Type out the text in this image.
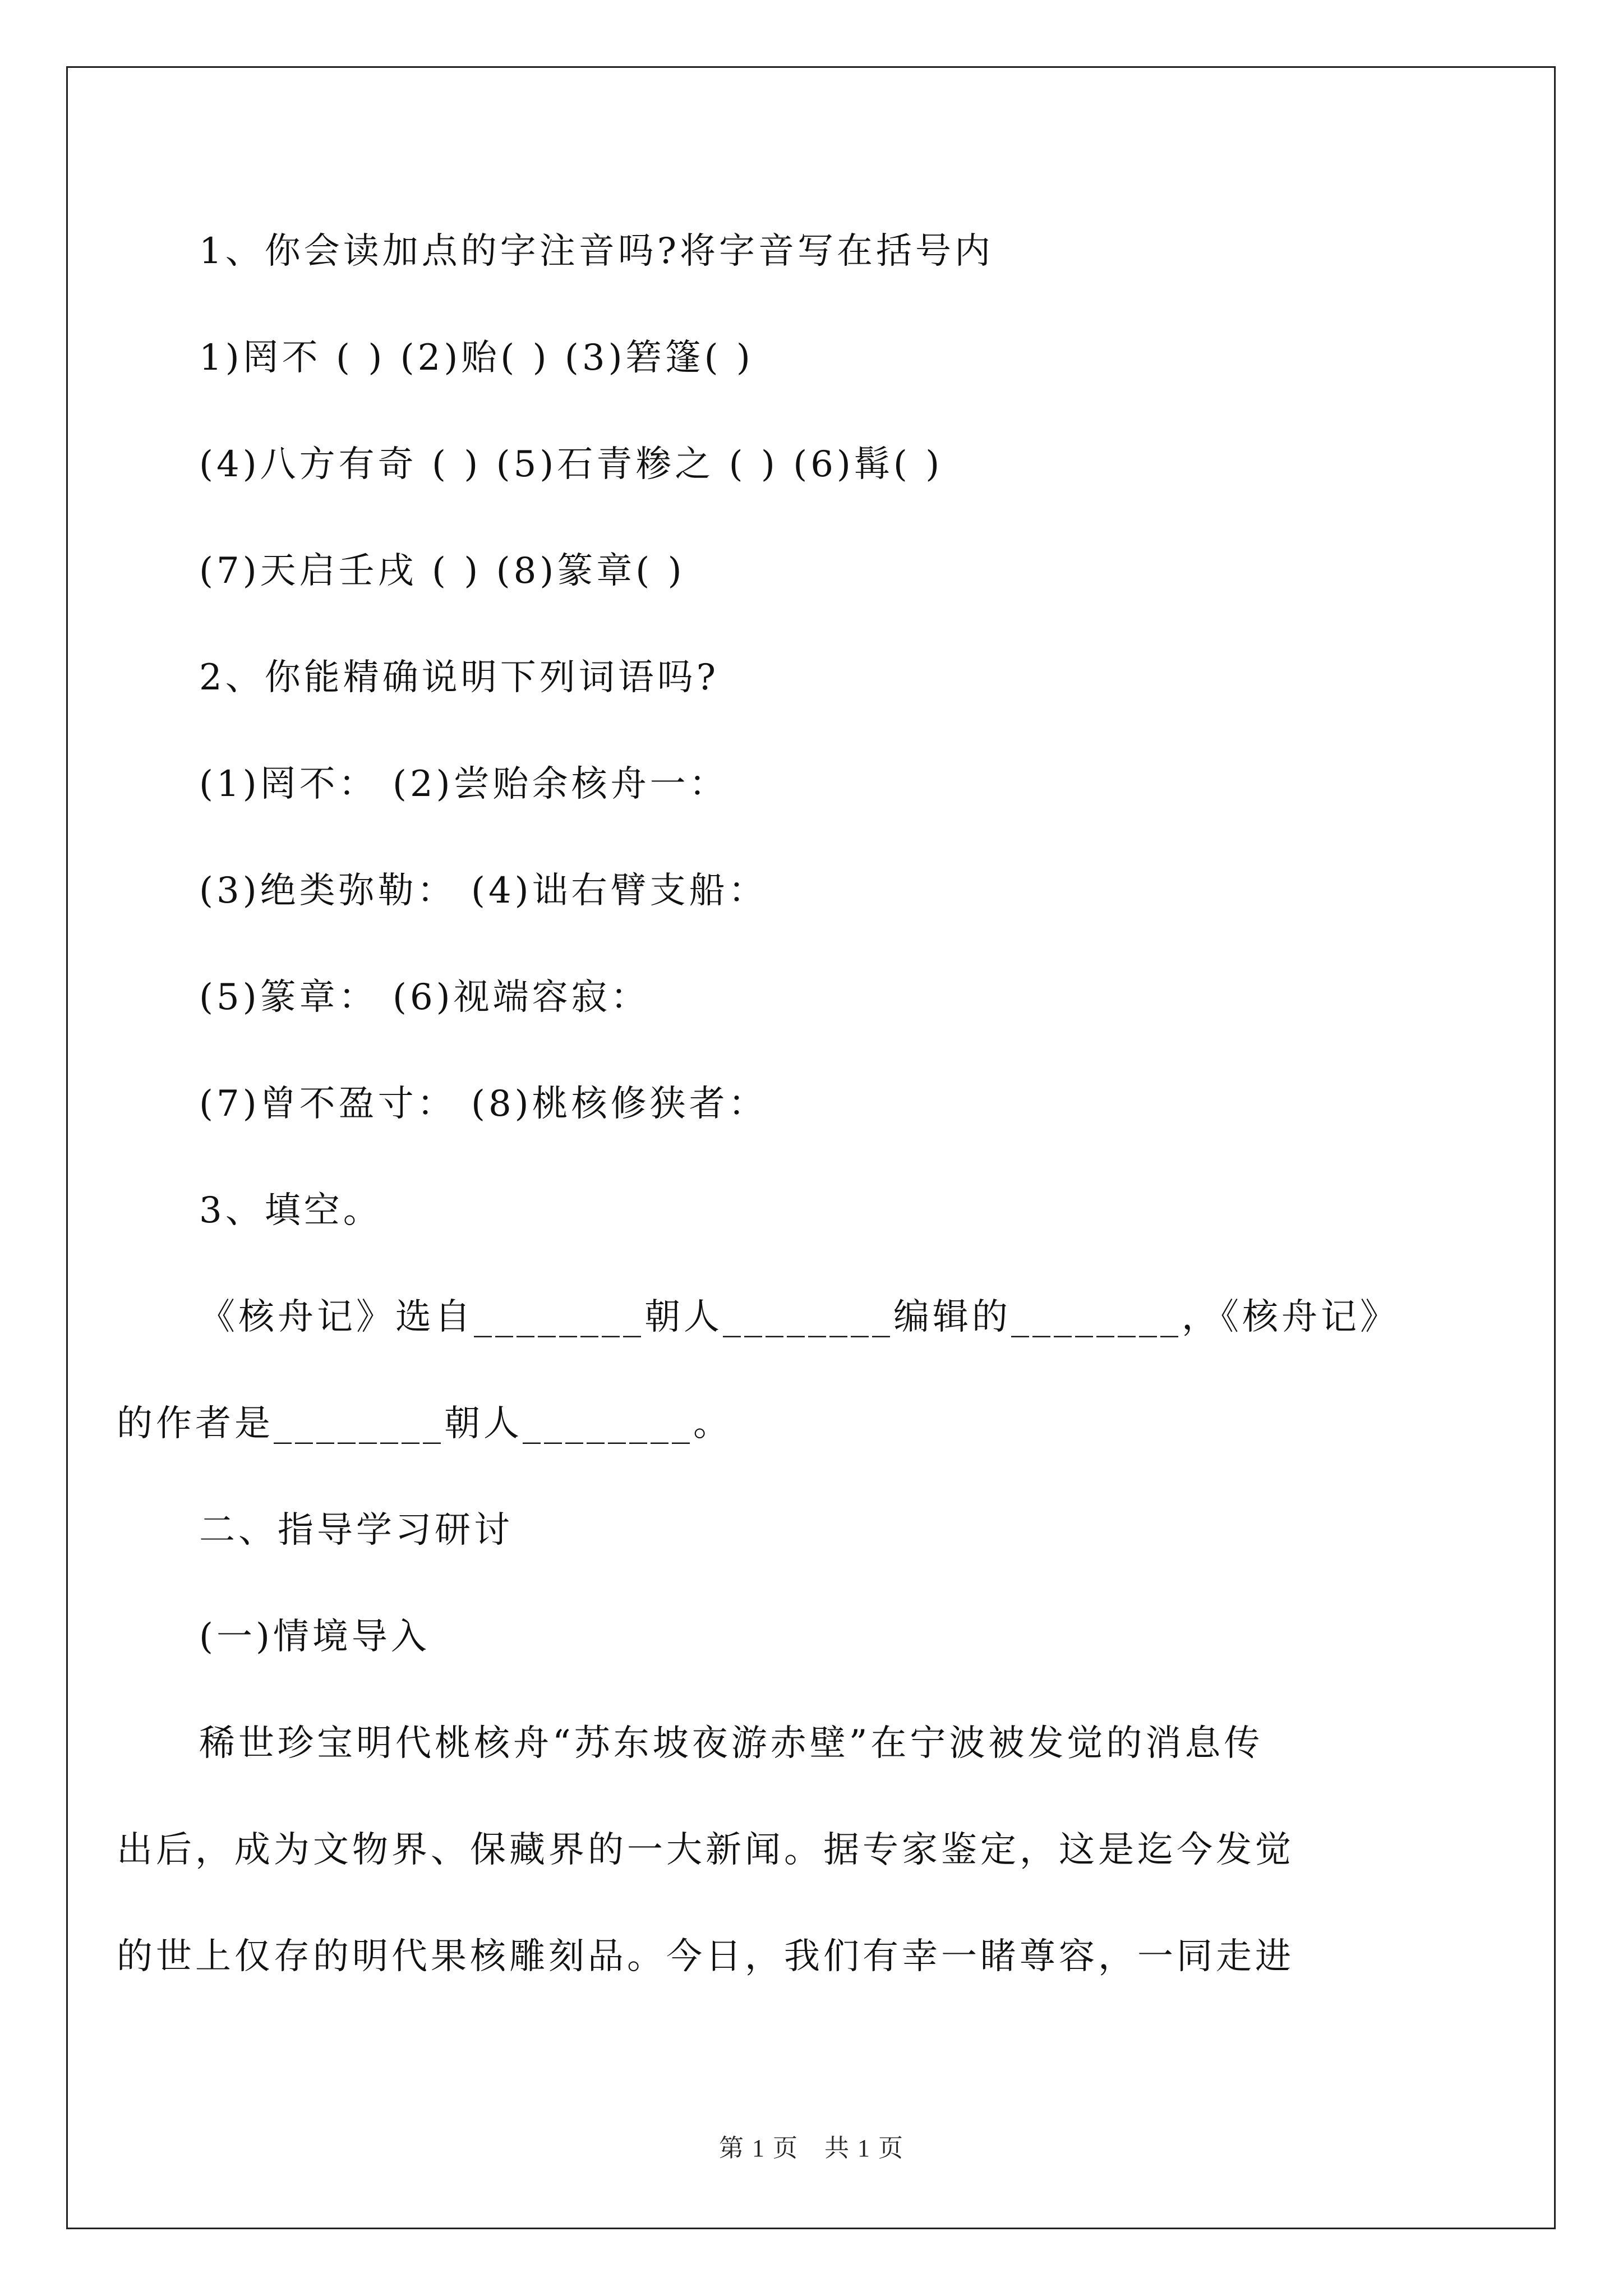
1、你会读加点的字注音吗?将字音写在括号内
1)罔不 ( ) (2)贻( ) (3)箬篷( )
(4)八方有奇 ( ) (5)石青糁之 ( ) (6)髯( )
(7)天启壬戌 ( ) (8)篆章( )
2、你能精确说明下列词语吗?
(1)罔不： (2)尝贻余核舟一：
(3)绝类弥勒： (4)诎右臂支船：
(5)篆章： (6)视端容寂：
(7)曾不盈寸： (8)桃核修狭者：
3、填空。
《核舟记》选自________朝人________编辑的________，《核舟记》
的作者是________朝人________。
二、指导学习研讨
(一)情境导入
稀世珍宝明代桃核舟“苏东坡夜游赤壁”在宁波被发觉的消息传
出后，成为文物界、保藏界的一大新闻。据专家鉴定，这是迄今发觉
的世上仅存的明代果核雕刻品。今日，我们有幸一睹尊容，一同走进
第 1 页　共 1 页
